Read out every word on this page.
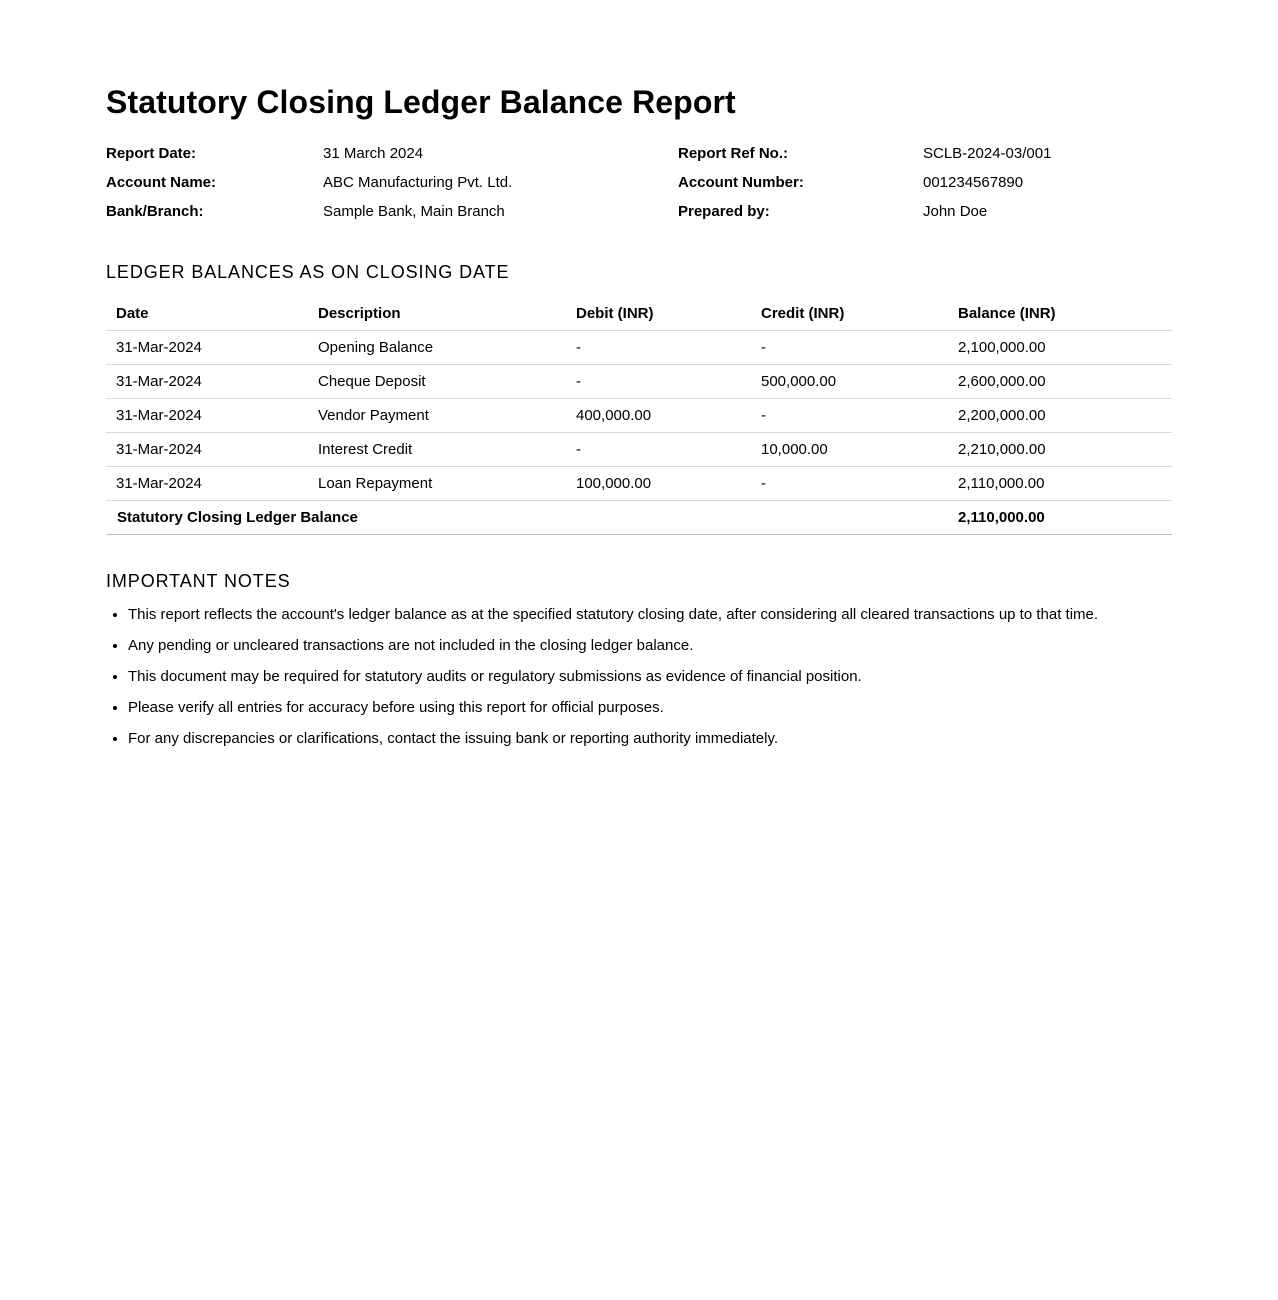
Statutory Closing Ledger Balance Report
Report Date:	31 March 2024	Report Ref No.:	SCLB-2024-03/001
Account Name:	ABC Manufacturing Pvt. Ltd.	Account Number:	001234567890
Bank/Branch:	Sample Bank, Main Branch	Prepared by:	John Doe
LEDGER BALANCES AS ON CLOSING DATE
Date	Description	Debit (INR)	Credit (INR)	Balance (INR)
31-Mar-2024	Opening Balance	-	-	2,100,000.00
31-Mar-2024	Cheque Deposit	-	500,000.00	2,600,000.00
31-Mar-2024	Vendor Payment	400,000.00	-	2,200,000.00
31-Mar-2024	Interest Credit	-	10,000.00	2,210,000.00
31-Mar-2024	Loan Repayment	100,000.00	-	2,110,000.00
Statutory Closing Ledger Balance				2,110,000.00
IMPORTANT NOTES
• This report reflects the account's ledger balance as at the specified statutory closing date, after considering all cleared transactions up to that time.
• Any pending or uncleared transactions are not included in the closing ledger balance.
• This document may be required for statutory audits or regulatory submissions as evidence of financial position.
• Please verify all entries for accuracy before using this report for official purposes.
• For any discrepancies or clarifications, contact the issuing bank or reporting authority immediately.
